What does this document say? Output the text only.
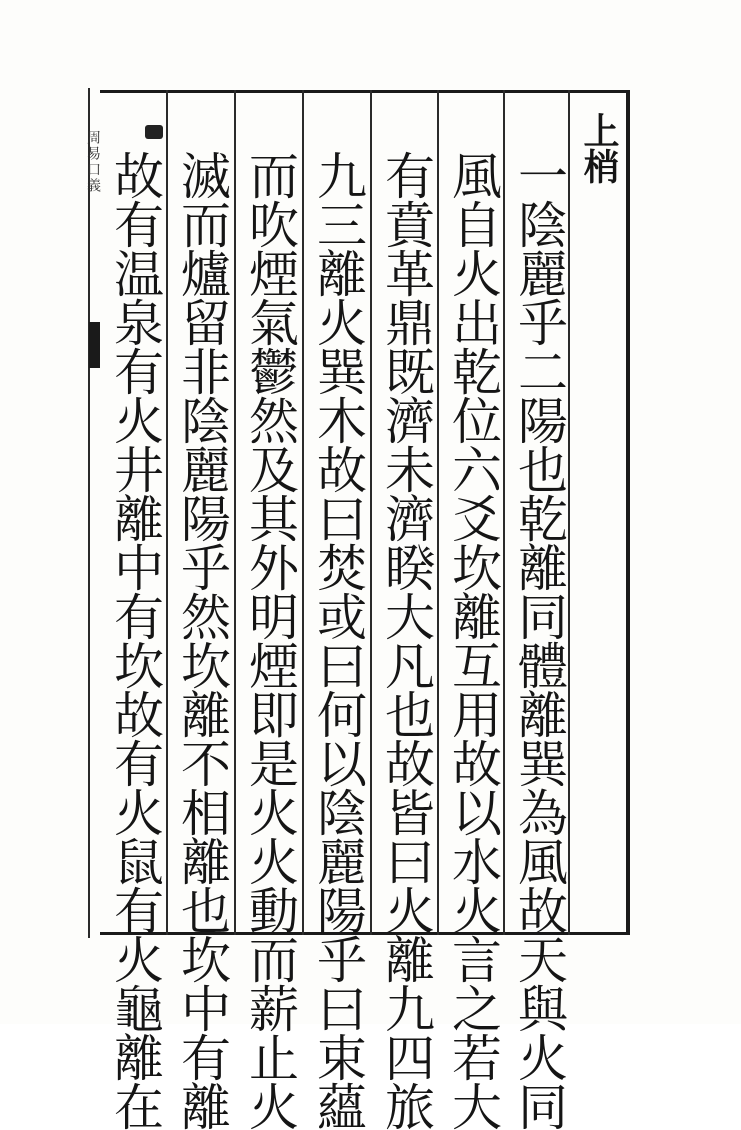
周易口義	上梢
一陰麗乎二陽也乾離同體離巽為風故天與火同
風自火出乾位六爻坎離互用故以水火言之若大
有賁革鼎既濟未濟睽大凡也故皆曰火離九四旅
九三離火巽木故曰焚或曰何以陰麗陽乎曰束蘊
而吹煙氣鬱然及其外明煙即是火火動而薪止火
滅而爐留非陰麗陽乎然坎離不相離也坎中有離
故有温泉有火井離中有坎故有火鼠有火龜離在
